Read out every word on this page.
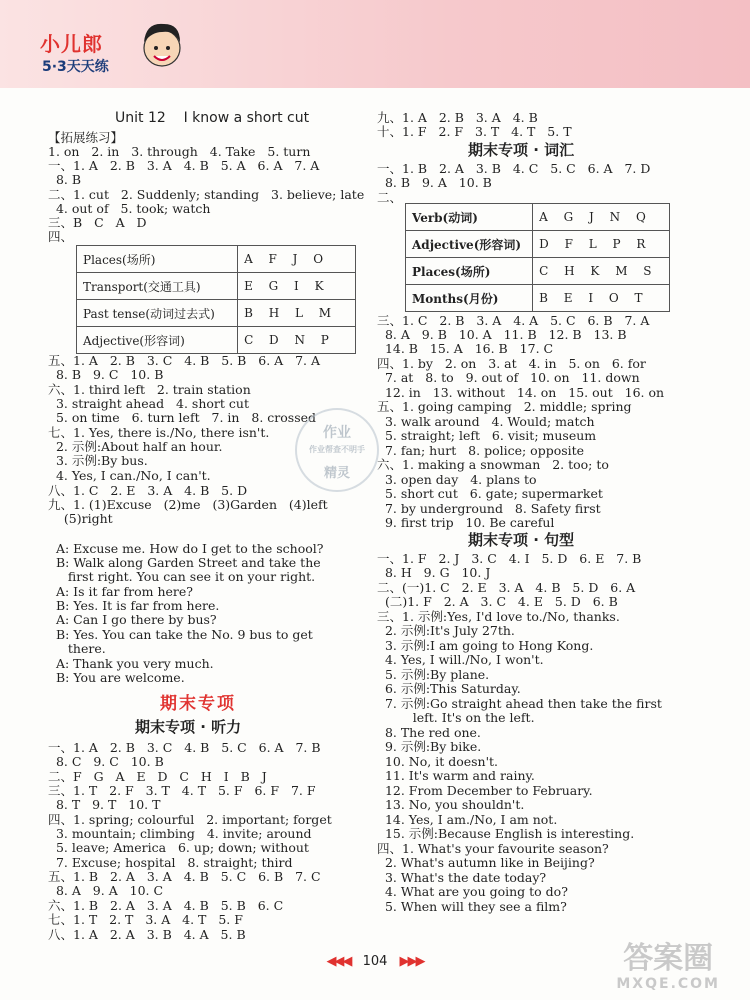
小儿郎
5·3天天练
Unit 12    I know a short cut
【拓展练习】
1. on   2. in   3. through   4. Take   5. turn
一、1. A   2. B   3. A   4. B   5. A   6. A   7. A
8. B
二、1. cut   2. Suddenly; standing   3. believe; late
4. out of   5. took; watch
三、B   C   A   D
四、
Places(场所)	A F J O
Transport(交通工具)	E G I K
Past tense(动词过去式)	B H L M
Adjective(形容词)	C D N P
五、1. A   2. B   3. C   4. B   5. B   6. A   7. A
8. B   9. C   10. B
六、1. third left   2. train station
3. straight ahead   4. short cut
5. on time   6. turn left   7. in   8. crossed
七、1. Yes, there is./No, there isn't.
2. 示例:About half an hour.
3. 示例:By bus.
4. Yes, I can./No, I can't.
八、1. C   2. E   3. A   4. B   5. D
九、1. (1)Excuse   (2)me   (3)Garden   (4)left
(5)right
A: Excuse me. How do I get to the school?
B: Walk along Garden Street and take the
first right. You can see it on your right.
A: Is it far from here?
B: Yes. It is far from here.
A: Can I go there by bus?
B: Yes. You can take the No. 9 bus to get
there.
A: Thank you very much.
B: You are welcome.
期末专项
期末专项 · 听力
一、1. A   2. B   3. C   4. B   5. C   6. A   7. B
8. C   9. C   10. B
二、F   G   A   E   D   C   H   I   B   J
三、1. T   2. F   3. T   4. T   5. F   6. F   7. F
8. T   9. T   10. T
四、1. spring; colourful   2. important; forget
3. mountain; climbing   4. invite; around
5. leave; America   6. up; down; without
7. Excuse; hospital   8. straight; third
五、1. B   2. A   3. A   4. B   5. C   6. B   7. C
8. A   9. A   10. C
六、1. B   2. A   3. A   4. B   5. B   6. C
七、1. T   2. T   3. A   4. T   5. F
八、1. A   2. A   3. B   4. A   5. B
作业
作业帮查不明手
精灵
九、1. A   2. B   3. A   4. B
十、1. F   2. F   3. T   4. T   5. T
期末专项 · 词汇
一、1. B   2. A   3. B   4. C   5. C   6. A   7. D
8. B   9. A   10. B
二、
Verb(动词)	A G J N Q
Adjective(形容词)	D F L P R
Places(场所)	C H K M S
Months(月份)	B E I O T
三、1. C   2. B   3. A   4. A   5. C   6. B   7. A
8. A   9. B   10. A   11. B   12. B   13. B
14. B   15. A   16. B   17. C
四、1. by   2. on   3. at   4. in   5. on   6. for
7. at   8. to   9. out of   10. on   11. down
12. in   13. without   14. on   15. out   16. on
五、1. going camping   2. middle; spring
3. walk around   4. Would; match
5. straight; left   6. visit; museum
7. fan; hurt   8. police; opposite
六、1. making a snowman   2. too; to
3. open day   4. plans to
5. short cut   6. gate; supermarket
7. by underground   8. Safety first
9. first trip   10. Be careful
期末专项 · 句型
一、1. F   2. J   3. C   4. I   5. D   6. E   7. B
8. H   9. G   10. J
二、(一)1. C   2. E   3. A   4. B   5. D   6. A
(二)1. F   2. A   3. C   4. E   5. D   6. B
三、1. 示例:Yes, I'd love to./No, thanks.
2. 示例:It's July 27th.
3. 示例:I am going to Hong Kong.
4. Yes, I will./No, I won't.
5. 示例:By plane.
6. 示例:This Saturday.
7. 示例:Go straight ahead then take the first
left. It's on the left.
8. The red one.
9. 示例:By bike.
10. No, it doesn't.
11. It's warm and rainy.
12. From December to February.
13. No, you shouldn't.
14. Yes, I am./No, I am not.
15. 示例:Because English is interesting.
四、1. What's your favourite season?
2. What's autumn like in Beijing?
3. What's the date today?
4. What are you going to do?
5. When will they see a film?
◀◀◀ 104 ▶▶▶	答案圈
MXQE.COM
